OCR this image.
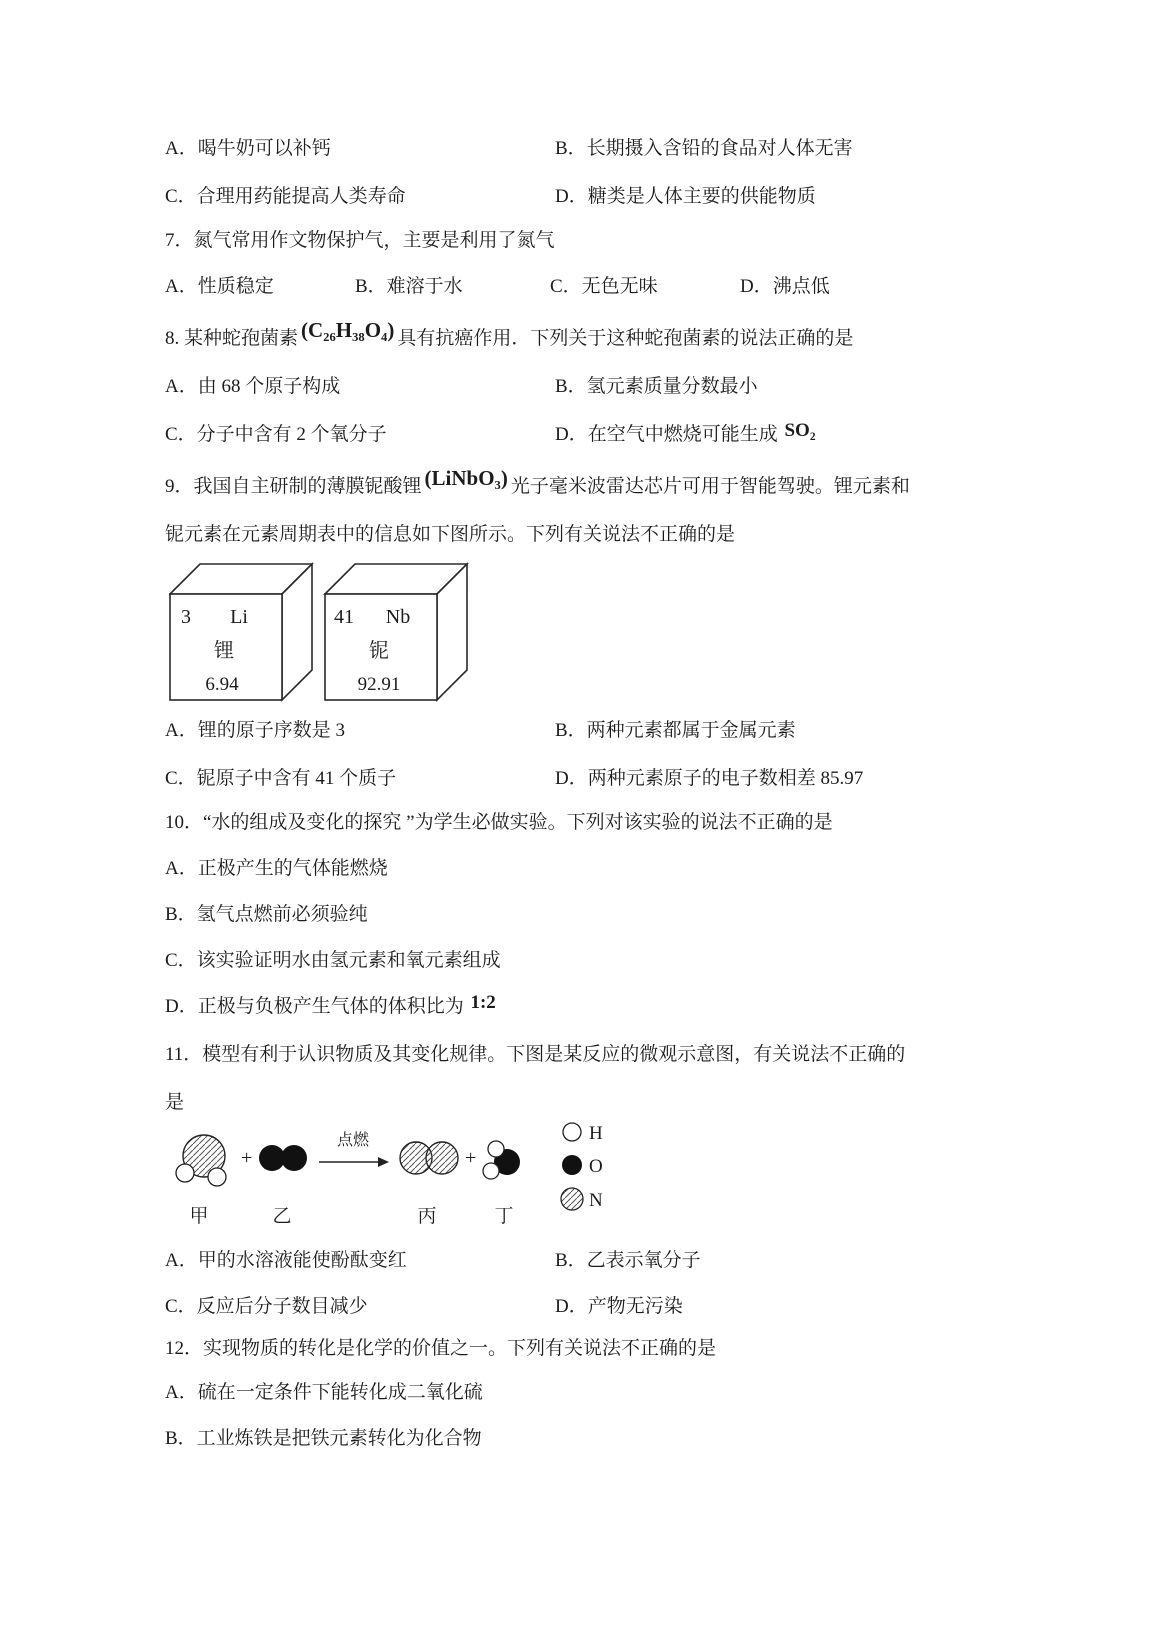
A．喝牛奶可以补钙	B．长期摄入含铅的食品对人体无害
C．合理用药能提高人类寿命	D．糖类是人体主要的供能物质
7．氮气常用作文物保护气，主要是利用了氮气
A．性质稳定	B．难溶于水	C．无色无味	D．沸点低
8. 某种蛇孢菌素 (C₂₆H₃₈O₄) 具有抗癌作用．下列关于这种蛇孢菌素的说法正确的是
A．由 68 个原子构成	B．氢元素质量分数最小
C．分子中含有 2 个氧分子	D．在空气中燃烧可能生成 SO₂
9．我国自主研制的薄膜铌酸锂 (LiNbO₃) 光子毫米波雷达芯片可用于智能驾驶。锂元素和
铌元素在元素周期表中的信息如下图所示。下列有关说法不正确的是
3 Li
锂
6.94
41 Nb
铌
92.91
A．锂的原子序数是 3	B．两种元素都属于金属元素
C．铌原子中含有 41 个质子	D．两种元素原子的电子数相差 85.97
10．“水的组成及变化的探究 ”为学生必做实验。下列对该实验的说法不正确的是
A．正极产生的气体能燃烧
B．氢气点燃前必须验纯
C．该实验证明水由氢元素和氧元素组成
D．正极与负极产生气体的体积比为 1:2
11．模型有利于认识物质及其变化规律。下图是某反应的微观示意图，有关说法不正确的
是
+
点燃
+
甲	乙	丙	丁
H
O
N
A．甲的水溶液能使酚酞变红	B．乙表示氧分子
C．反应后分子数目减少	D．产物无污染
12．实现物质的转化是化学的价值之一。下列有关说法不正确的是
A．硫在一定条件下能转化成二氧化硫
B．工业炼铁是把铁元素转化为化合物
